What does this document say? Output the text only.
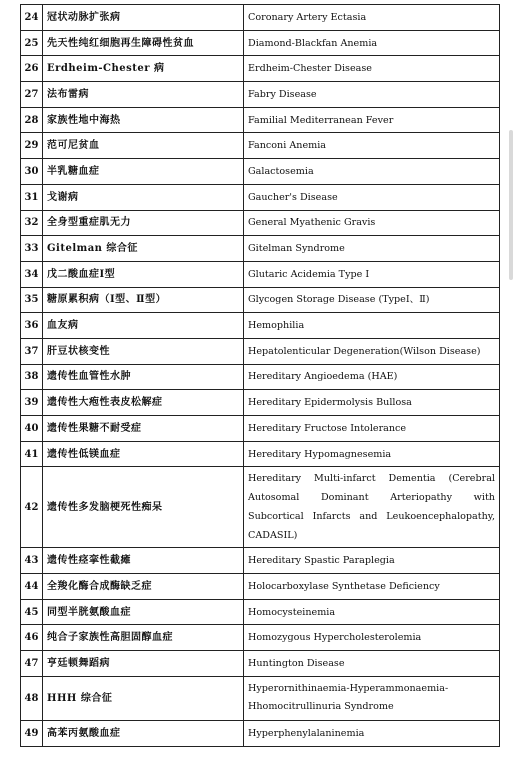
24	冠状动脉扩张病	Coronary Artery Ectasia
25	先天性纯红细胞再生障碍性贫血	Diamond-Blackfan Anemia
26	Erdheim-Chester 病	Erdheim-Chester Disease
27	法布雷病	Fabry Disease
28	家族性地中海热	Familial Mediterranean Fever
29	范可尼贫血	Fanconi Anemia
30	半乳糖血症	Galactosemia
31	戈谢病	Gaucher's Disease
32	全身型重症肌无力	General Myathenic Gravis
33	Gitelman 综合征	Gitelman Syndrome
34	戊二酸血症Ⅰ型	Glutaric Acidemia Type Ⅰ
35	糖原累积病（Ⅰ型、Ⅱ型）	Glycogen Storage Disease (TypeⅠ、Ⅱ)
36	血友病	Hemophilia
37	肝豆状核变性	Hepatolenticular Degeneration(Wilson Disease)
38	遗传性血管性水肿	Hereditary Angioedema (HAE)
39	遗传性大疱性表皮松解症	Hereditary Epidermolysis Bullosa
40	遗传性果糖不耐受症	Hereditary Fructose Intolerance
41	遗传性低镁血症	Hereditary Hypomagnesemia
42	遗传性多发脑梗死性痴呆	Hereditary Multi-infarct Dementia (Cerebral Autosomal Dominant Arteriopathy with Subcortical Infarcts and Leukoencephalopathy, CADASIL)
43	遗传性痉挛性截瘫	Hereditary Spastic Paraplegia
44	全羧化酶合成酶缺乏症	Holocarboxylase Synthetase Deficiency
45	同型半胱氨酸血症	Homocysteinemia
46	纯合子家族性高胆固醇血症	Homozygous Hypercholesterolemia
47	亨廷顿舞蹈病	Huntington Disease
48	HHH 综合征	Hyperornithinaemia-Hyperammonaemia-Hhomocitrullinuria Syndrome
49	高苯丙氨酸血症	Hyperphenylalaninemia
